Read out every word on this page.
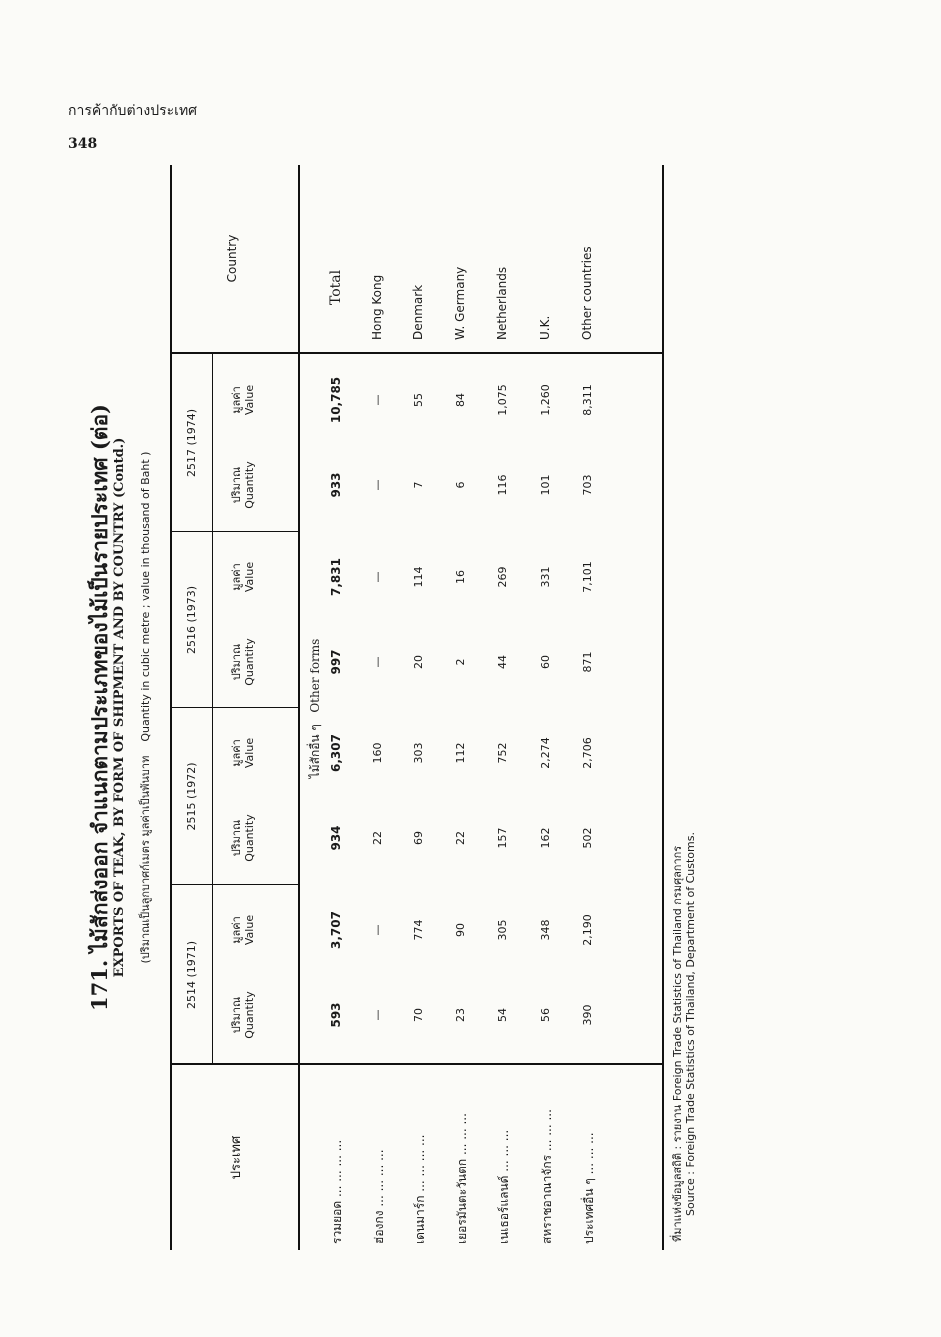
การค้ากับต่างประเทศ
348
171. ไม้สักส่งออก จำแนกตามประเภทของไม้เป็นรายประเทศ (ต่อ) EXPORTS OF TEAK, BY FORM OF SHIPMENT AND BY COUNTRY (Contd.) (ปริมาณเป็นลูกบาศก์เมตร มูลค่าเป็นพันบาท    Quantity in cubic metre ; value in thousand of Baht )
ประเทศ
Country
2514 (1971)
2515 (1972)
2516 (1973)
2517 (1974)
ปริมาณ Quantity
มูลค่า Value
ปริมาณ Quantity
มูลค่า Value
ปริมาณ Quantity
มูลค่า Value
ปริมาณ Quantity
มูลค่า Value
ไม้สักอื่น ๆ   Other forms
รวมยอด ... ... ... ...
593
3,707
934
6,307
997
7,831
933
10,785
Total
ฮ่องกง ... ... ... ...
—
—
22
160
—
—
—
—
Hong Kong
เดนมาร์ก ... ... ... ...
70
774
69
303
20
114
7
55
Denmark
เยอรมันตะวันตก ... ... ...
23
90
22
112
2
16
6
84
W. Germany
เนเธอร์แลนด์ ... ... ...
54
305
157
752
44
269
116
1,075
Netherlands
สหราชอาณาจักร ... ... ...
56
348
162
2,274
60
331
101
1,260
U.K.
ประเทศอื่น ๆ ... ... ...
390
2,190
502
2,706
871
7,101
703
8,311
Other countries
ที่มาแห่งข้อมูลสถิติ : รายงาน Foreign Trade Statistics of Thailand กรมศุลกากร Source : Foreign Trade Statistics of Thailand, Department of Customs.
